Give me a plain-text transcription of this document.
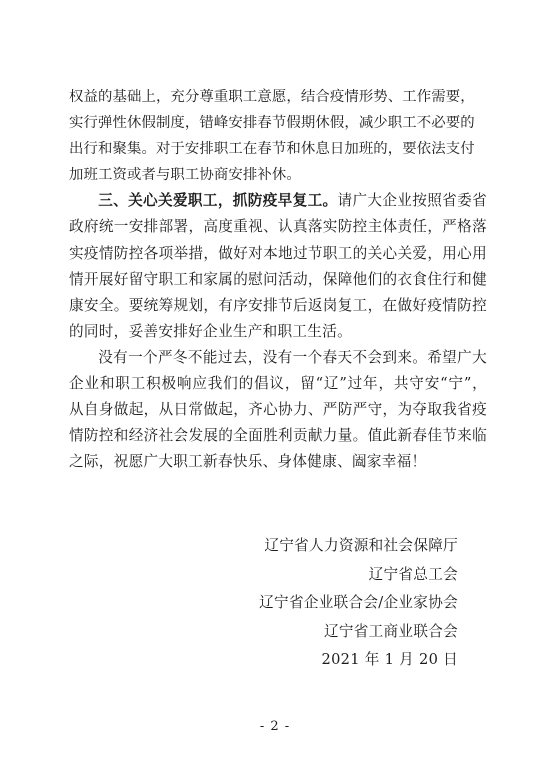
权益的基础上，充分尊重职工意愿，结合疫情形势、工作需要，
实行弹性休假制度，错峰安排春节假期休假，减少职工不必要的
出行和聚集。对于安排职工在春节和休息日加班的，要依法支付
加班工资或者与职工协商安排补休。

三、关心关爱职工，抓防疫早复工。请广大企业按照省委省政府统一安排部署，高度重视、认真落实防控主体责任，严格落实疫情防控各项举措，做好对本地过节职工的关心关爱，用心用情开展好留守职工和家属的慰问活动，保障他们的衣食住行和健康安全。要统筹规划，有序安排节后返岗复工，在做好疫情防控的同时，妥善安排好企业生产和职工生活。

没有一个严冬不能过去，没有一个春天不会到来。希望广大企业和职工积极响应我们的倡议，留“辽”过年，共守安“宁”，从自身做起，从日常做起，齐心协力、严防严守，为夺取我省疫情防控和经济社会发展的全面胜利贡献力量。值此新春佳节来临之际，祝愿广大职工新春快乐、身体健康、阖家幸福！

辽宁省人力资源和社会保障厅
辽宁省总工会
辽宁省企业联合会/企业家协会
辽宁省工商业联合会
2021 年 1 月 20 日
- 2 -
